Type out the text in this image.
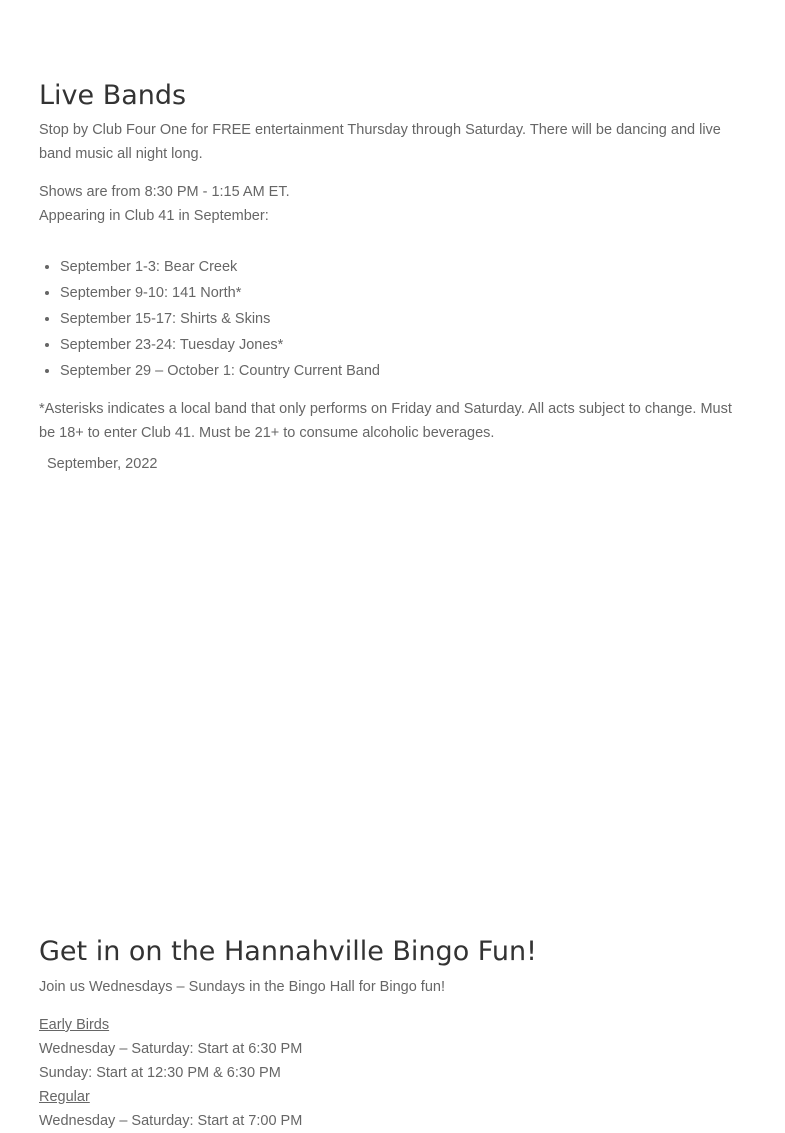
Live Bands

Stop by Club Four One for FREE entertainment Thursday through Saturday. There will be dancing and live band music all night long.

Shows are from 8:30 PM - 1:15 AM ET.

Appearing in Club 41 in September:

• September 1-3: Bear Creek
• September 9-10: 141 North*
• September 15-17: Shirts & Skins
• September 23-24: Tuesday Jones*
• September 29 – October 1: Country Current Band

*Asterisks indicates a local band that only performs on Friday and Saturday. All acts subject to change. Must be 18+ to enter Club 41. Must be 21+ to consume alcoholic beverages.

September, 2022
Get in on the Hannahville Bingo Fun!

Join us Wednesdays – Sundays in the Bingo Hall for Bingo fun!

Early Birds

Wednesday – Saturday: Start at 6:30 PM

Sunday: Start at 12:30 PM & 6:30 PM

Regular

Wednesday – Saturday: Start at 7:00 PM
